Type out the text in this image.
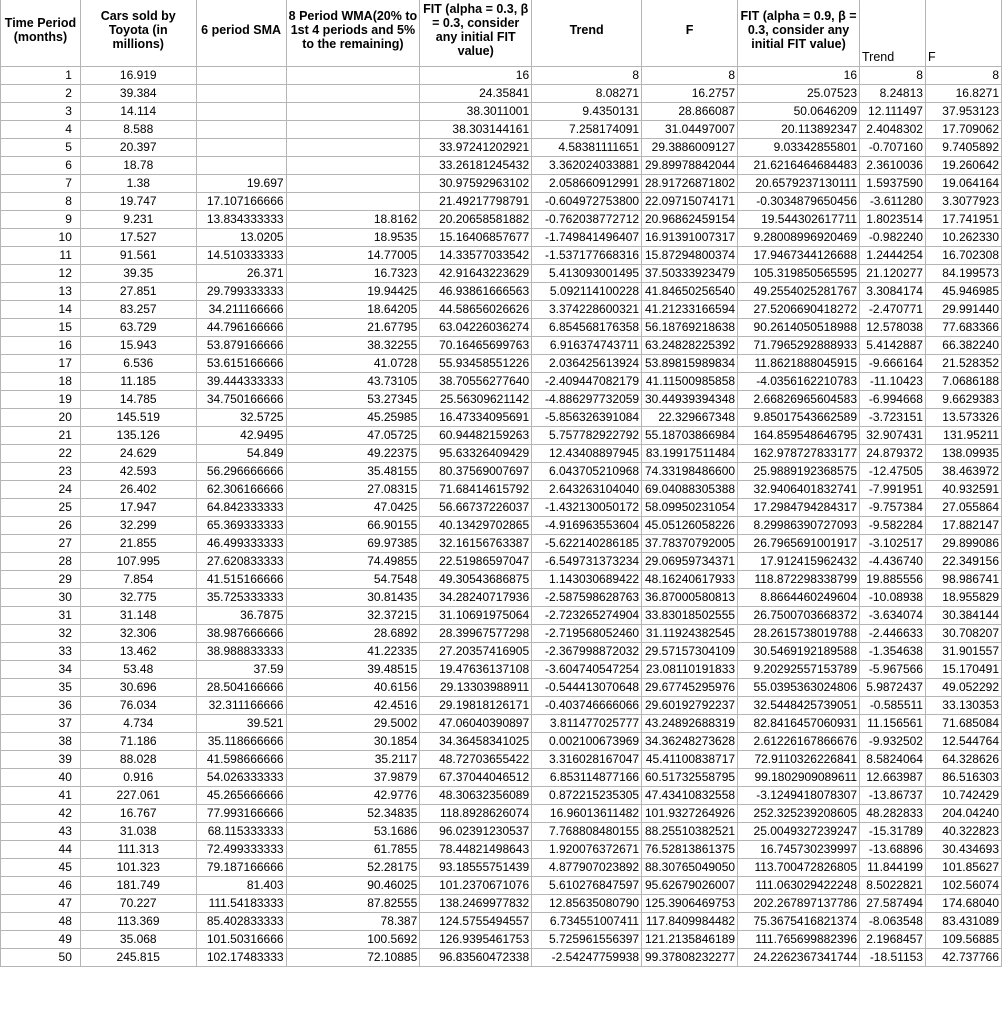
Time Period (months)	Cars sold by Toyota (in millions)	6 period SMA	8 Period WMA(20% to 1st 4 periods and 5% to the remaining)	FIT (alpha = 0.3, β = 0.3, consider any initial FIT value)	Trend	F	FIT (alpha = 0.9, β = 0.3, consider any initial FIT value)	Trend	F
1	16.919			16	8	8	16	8	8
2	39.384			24.35841	8.08271	16.2757	25.07523	8.24813	16.8271
3	14.114			38.3011001	9.4350131	28.866087	50.0646209	12.111497	37.953123
4	8.588			38.303144161	7.258174091	31.04497007	20.113892347	2.4048302	17.709062
5	20.397			33.97241202921	4.58381111651	29.3886009127	9.03342855801	-0.707160	9.7405892
6	18.78			33.26181245432	3.362024033881	29.89978842044	21.6216464684483	2.3610036	19.260642
7	1.38	19.697		30.97592963102	2.058660912991	28.91726871802	20.6579237130111	1.5937590	19.064164
8	19.747	17.107166666		21.49217798791	-0.604972753800	22.09715074171	-0.3034879650456	-3.611280	3.3077923
9	9.231	13.834333333	18.8162	20.20658581882	-0.762038772712	20.96862459154	19.544302617711	1.8023514	17.741951
10	17.527	13.0205	18.9535	15.16406857677	-1.749841496407	16.91391007317	9.28008996920469	-0.982240	10.262330
11	91.561	14.510333333	14.77005	14.33577033542	-1.537177668316	15.87294800374	17.9467344126688	1.2444254	16.702308
12	39.35	26.371	16.7323	42.91643223629	5.413093001495	37.50333923479	105.319850565595	21.120277	84.199573
13	27.851	29.799333333	19.94425	46.93861666563	5.092114100228	41.84650256540	49.2554025281767	3.3084174	45.946985
14	83.257	34.211166666	18.64205	44.58656026626	3.374228600321	41.21233166594	27.5206690418272	-2.470771	29.991440
15	63.729	44.796166666	21.67795	63.04226036274	6.854568176358	56.18769218638	90.2614050518988	12.578038	77.683366
16	15.943	53.879166666	38.32255	70.16465699763	6.916374743711	63.24828225392	71.7965292888933	5.4142887	66.382240
17	6.536	53.615166666	41.0728	55.93458551226	2.036425613924	53.89815989834	11.8621888045915	-9.666164	21.528352
18	11.185	39.444333333	43.73105	38.70556277640	-2.409447082179	41.11500985858	-4.0356162210783	-11.10423	7.0686188
19	14.785	34.750166666	53.27345	25.56309621142	-4.886297732059	30.44939394348	2.66826965604583	-6.994668	9.6629383
20	145.519	32.5725	45.25985	16.47334095691	-5.856326391084	22.329667348	9.85017543662589	-3.723151	13.573326
21	135.126	42.9495	47.05725	60.94482159263	5.757782922792	55.18703866984	164.859548646795	32.907431	131.95211
22	24.629	54.849	49.22375	95.63326409429	12.43408897945	83.19917511484	162.978727833177	24.879372	138.09935
23	42.593	56.296666666	35.48155	80.37569007697	6.043705210968	74.33198486600	25.9889192368575	-12.47505	38.463972
24	26.402	62.306166666	27.08315	71.68414615792	2.643263104040	69.04088305388	32.9406401832741	-7.991951	40.932591
25	17.947	64.842333333	47.0425	56.66737226037	-1.432130050172	58.09950231054	17.2984794284317	-9.757384	27.055864
26	32.299	65.369333333	66.90155	40.13429702865	-4.916963553604	45.05126058226	8.29986390727093	-9.582284	17.882147
27	21.855	46.499333333	69.97385	32.16156763387	-5.622140286185	37.78370792005	26.7965691001917	-3.102517	29.899086
28	107.995	27.620833333	74.49855	22.51986597047	-6.549731373234	29.06959734371	17.912415962432	-4.436740	22.349156
29	7.854	41.515166666	54.7548	49.30543686875	1.143030689422	48.16240617933	118.872298338799	19.885556	98.986741
30	32.775	35.725333333	30.81435	34.28240717936	-2.587598628763	36.87000580813	8.8664460249604	-10.08938	18.955829
31	31.148	36.7875	32.37215	31.10691975064	-2.723265274904	33.83018502555	26.7500703668372	-3.634074	30.384144
32	32.306	38.987666666	28.6892	28.39967577298	-2.719568052460	31.11924382545	28.2615738019788	-2.446633	30.708207
33	13.462	38.988833333	41.22335	27.20357416905	-2.367998872032	29.57157304109	30.5469192189588	-1.354638	31.901557
34	53.48	37.59	39.48515	19.47636137108	-3.604740547254	23.08110191833	9.20292557153789	-5.967566	15.170491
35	30.696	28.504166666	40.6156	29.13303988911	-0.544413070648	29.67745295976	55.0395363024806	5.9872437	49.052292
36	76.034	32.311166666	42.4516	29.19818126171	-0.403746666066	29.60192792237	32.5448425739051	-0.585511	33.130353
37	4.734	39.521	29.5002	47.06040390897	3.811477025777	43.24892688319	82.8416457060931	11.156561	71.685084
38	71.186	35.118666666	30.1854	34.36458341025	0.002100673969	34.36248273628	2.61226167866676	-9.932502	12.544764
39	88.028	41.598666666	35.2117	48.72703655422	3.316028167047	45.41100838717	72.9110326226841	8.5824064	64.328626
40	0.916	54.026333333	37.9879	67.37044046512	6.853114877166	60.51732558795	99.1802909089611	12.663987	86.516303
41	227.061	45.265666666	42.9776	48.30632356089	0.872215235305	47.43410832558	-3.1249418078307	-13.86737	10.742429
42	16.767	77.993166666	52.34835	118.8928626074	16.96013611482	101.9327264926	252.325239208605	48.282833	204.04240
43	31.038	68.115333333	53.1686	96.02391230537	7.768808480155	88.25510382521	25.0049327239247	-15.31789	40.322823
44	111.313	72.499333333	61.7855	78.44821498643	1.920076372671	76.52813861375	16.745730239997	-13.68896	30.434693
45	101.323	79.187166666	52.28175	93.18555751439	4.877907023892	88.30765049050	113.700472826805	11.844199	101.85627
46	181.749	81.403	90.46025	101.2370671076	5.610276847597	95.62679026007	111.063029422248	8.5022821	102.56074
47	70.227	111.54183333	87.82555	138.2469977832	12.85635080790	125.3906469753	202.267897137786	27.587494	174.68040
48	113.369	85.402833333	78.387	124.5755494557	6.734551007411	117.8409984482	75.3675416821374	-8.063548	83.431089
49	35.068	101.50316666	100.5692	126.9395461753	5.725961556397	121.2135846189	111.765699882396	2.1968457	109.56885
50	245.815	102.17483333	72.10885	96.83560472338	-2.54247759938	99.37808232277	24.2262367341744	-18.51153	42.737766
